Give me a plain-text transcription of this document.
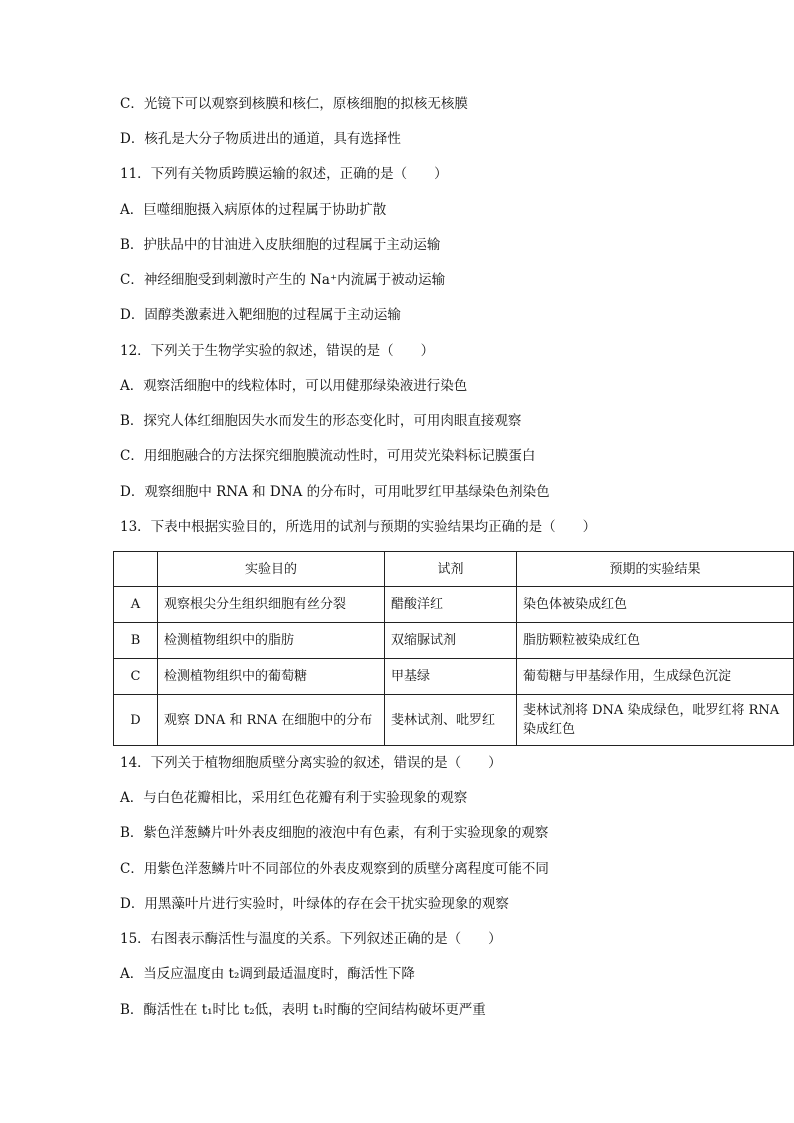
C．光镜下可以观察到核膜和核仁，原核细胞的拟核无核膜
D．核孔是大分子物质进出的通道，具有选择性
11．下列有关物质跨膜运输的叙述，正确的是（　　）
A．巨噬细胞摄入病原体的过程属于协助扩散
B．护肤品中的甘油进入皮肤细胞的过程属于主动运输
C．神经细胞受到刺激时产生的 Na⁺内流属于被动运输
D．固醇类激素进入靶细胞的过程属于主动运输
12．下列关于生物学实验的叙述，错误的是（　　）
A．观察活细胞中的线粒体时，可以用健那绿染液进行染色
B．探究人体红细胞因失水而发生的形态变化时，可用肉眼直接观察
C．用细胞融合的方法探究细胞膜流动性时，可用荧光染料标记膜蛋白
D．观察细胞中 RNA 和 DNA 的分布时，可用吡罗红甲基绿染色剂染色
13．下表中根据实验目的，所选用的试剂与预期的实验结果均正确的是（　　）
	实验目的	试剂	预期的实验结果
A	观察根尖分生组织细胞有丝分裂	醋酸洋红	染色体被染成红色
B	检测植物组织中的脂肪	双缩脲试剂	脂肪颗粒被染成红色
C	检测植物组织中的葡萄糖	甲基绿	葡萄糖与甲基绿作用，生成绿色沉淀
D	观察 DNA 和 RNA 在细胞中的分布	斐林试剂、吡罗红	斐林试剂将 DNA 染成绿色，吡罗红将 RNA 染成红色
14．下列关于植物细胞质壁分离实验的叙述，错误的是（　　）
A．与白色花瓣相比，采用红色花瓣有利于实验现象的观察
B．紫色洋葱鳞片叶外表皮细胞的液泡中有色素，有利于实验现象的观察
C．用紫色洋葱鳞片叶不同部位的外表皮观察到的质壁分离程度可能不同
D．用黑藻叶片进行实验时，叶绿体的存在会干扰实验现象的观察
15．右图表示酶活性与温度的关系。下列叙述正确的是（　　）
A．当反应温度由 t₂调到最适温度时，酶活性下降
B．酶活性在 t₁时比 t₂低，表明 t₁时酶的空间结构破坏更严重
